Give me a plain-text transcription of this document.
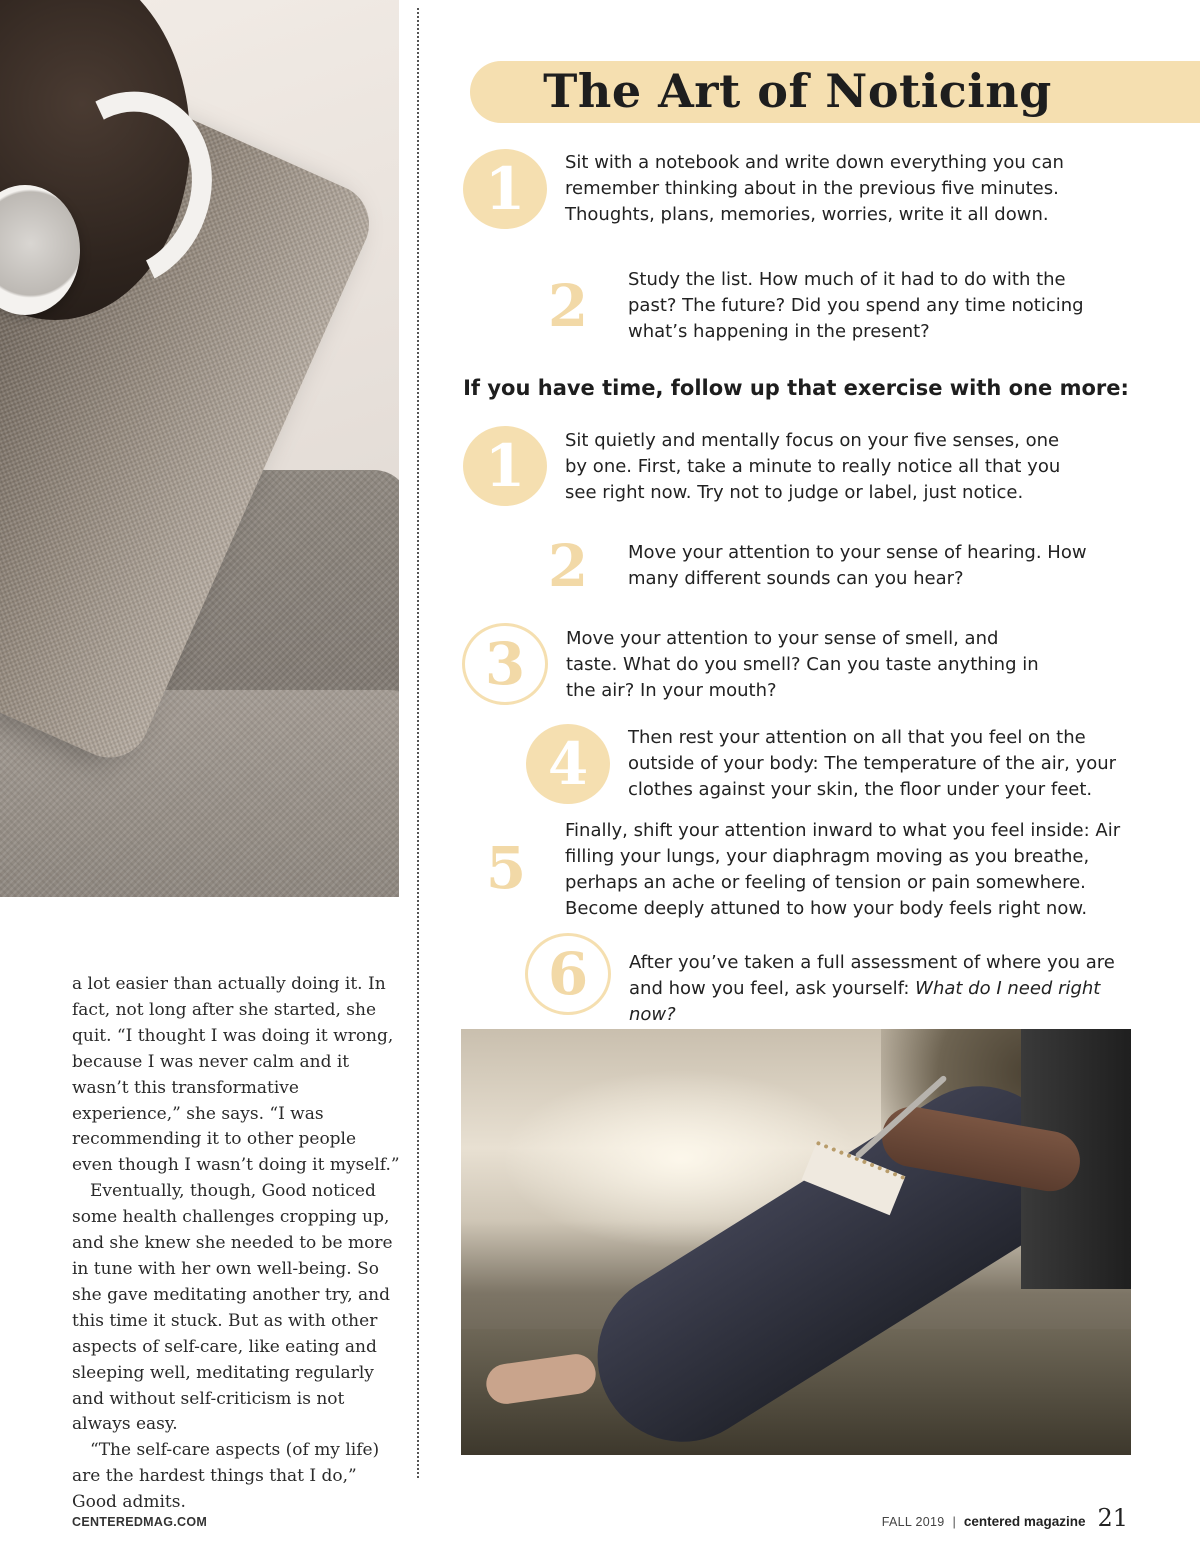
The Art of Noticing
1	Sit with a notebook and write down everything you can remember thinking about in the previous five minutes. Thoughts, plans, memories, worries, write it all down.
2	Study the list. How much of it had to do with the past? The future? Did you spend any time noticing what’s happening in the present?
If you have time, follow up that exercise with one more:
1	Sit quietly and mentally focus on your five senses, one by one. First, take a minute to really notice all that you see right now. Try not to judge or label, just notice.
2	Move your attention to your sense of hearing. How many different sounds can you hear?
3	Move your attention to your sense of smell, and taste. What do you smell? Can you taste anything in the air? In your mouth?
4	Then rest your attention on all that you feel on the outside of your body: The temperature of the air, your clothes against your skin, the floor under your feet.
5
Finally, shift your attention inward to what you feel inside: Air filling your lungs, your diaphragm moving as you breathe, perhaps an ache or feeling of tension or pain somewhere. Become deeply attuned to how your body feels right now.
6	After you’ve taken a full assessment of where you are and how you feel, ask yourself: What do I need right now?

a lot easier than actually doing it. In fact, not long after she started, she quit. “I thought I was doing it wrong, because I was never calm and it wasn’t this transformative experience,” she says. “I was recommending it to other people even though I wasn’t doing it myself.”

Eventually, though, Good noticed some health challenges cropping up, and she knew she needed to be more in tune with her own well-being. So she gave meditating another try, and this time it stuck. But as with other aspects of self-care, like eating and sleeping well, meditating regularly and without self-criticism is not always easy.

“The self-care aspects (of my life) are the hardest things that I do,” Good admits.

CENTEREDMAG.COM	FALL 2019 | centered magazine 21
